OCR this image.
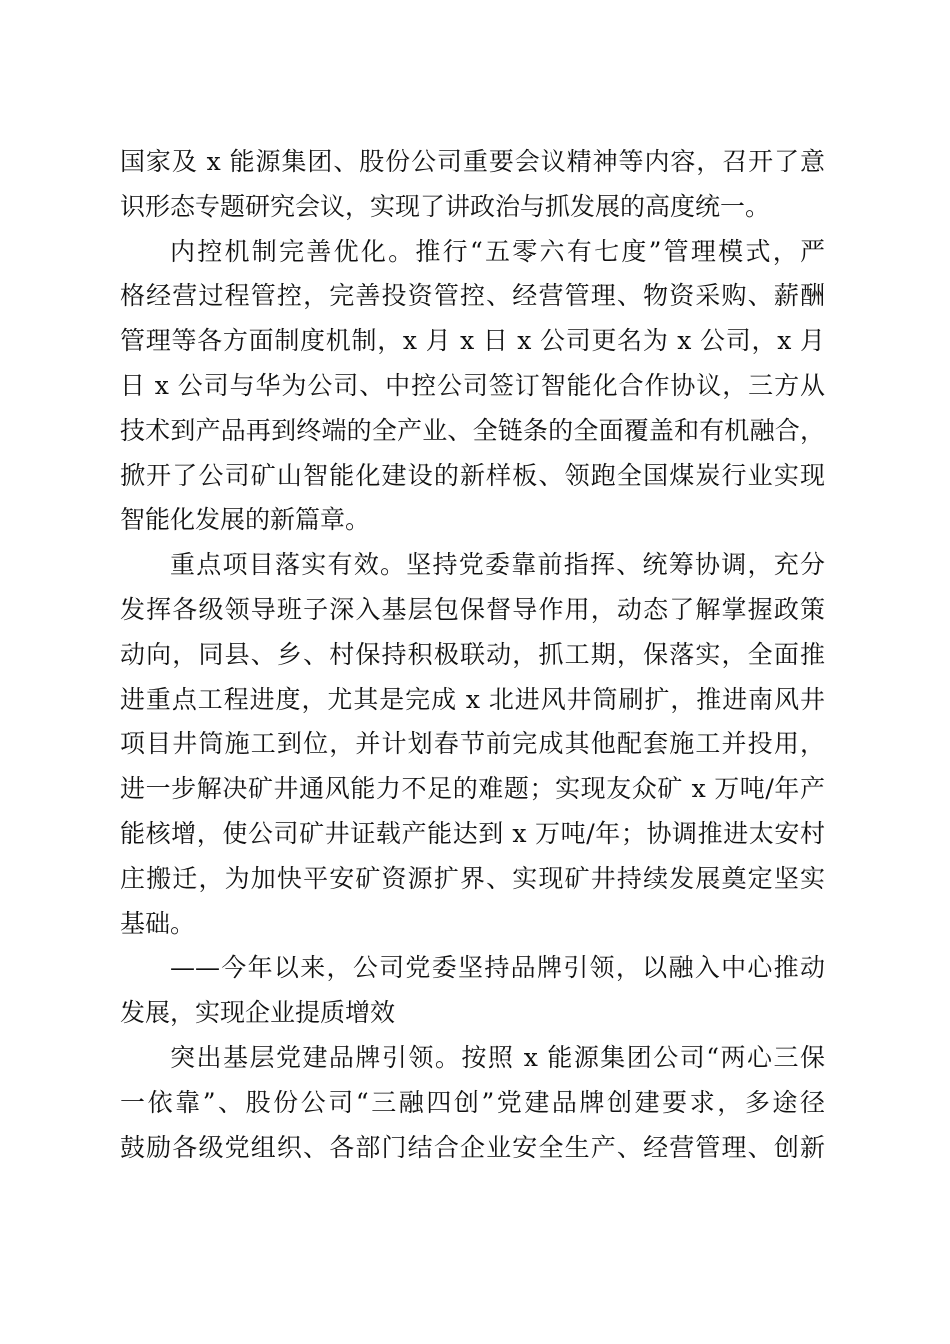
国家及 x 能源集团、股份公司重要会议精神等内容，召开了意
识形态专题研究会议，实现了讲政治与抓发展的高度统一。
内控机制完善优化。推行“五零六有七度”管理模式，严
格经营过程管控，完善投资管控、经营管理、物资采购、薪酬
管理等各方面制度机制，x 月 x 日 x 公司更名为 x 公司，x 月
日 x 公司与华为公司、中控公司签订智能化合作协议，三方从
技术到产品再到终端的全产业、全链条的全面覆盖和有机融合，
掀开了公司矿山智能化建设的新样板、领跑全国煤炭行业实现
智能化发展的新篇章。
重点项目落实有效。坚持党委靠前指挥、统筹协调，充分
发挥各级领导班子深入基层包保督导作用，动态了解掌握政策
动向，同县、乡、村保持积极联动，抓工期，保落实，全面推
进重点工程进度，尤其是完成 x 北进风井筒刷扩，推进南风井
项目井筒施工到位，并计划春节前完成其他配套施工并投用，
进一步解决矿井通风能力不足的难题；实现友众矿 x 万吨/年产
能核增，使公司矿井证载产能达到 x 万吨/年；协调推进太安村
庄搬迁，为加快平安矿资源扩界、实现矿井持续发展奠定坚实
基础。
——今年以来，公司党委坚持品牌引领，以融入中心推动
发展，实现企业提质增效
突出基层党建品牌引领。按照 x 能源集团公司“两心三保
一依靠”、股份公司“三融四创”党建品牌创建要求，多途径
鼓励各级党组织、各部门结合企业安全生产、经营管理、创新
